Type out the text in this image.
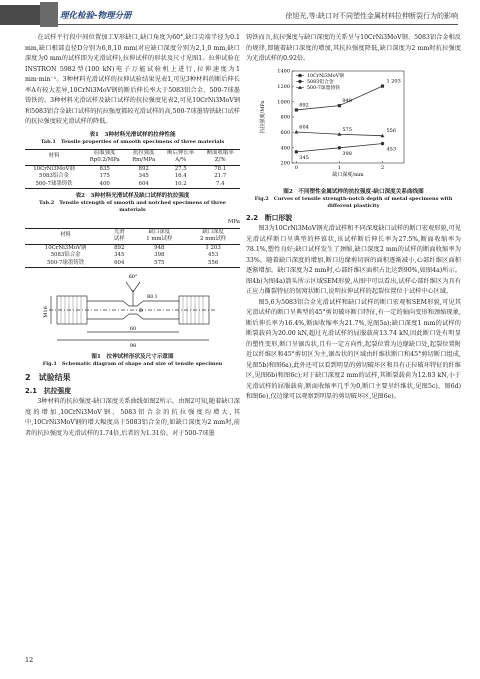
理化检验-物理分册	徐旭光,等:缺口对不同塑性金属材料拉伸断裂行为的影响

在试样平行段中间位置加工V形缺口,缺口角度为60°,缺口尖端半径为0.1 mm,缺口根部直径D分别为6,8,10 mm(对应缺口深度分别为2,1,0 mm,缺口深度为0 mm的试样即为光滑试样),拉伸试样的形状及尺寸见图1。拉伸试验在INSTRON 5982型(100 kN)电子万能试验机上进行,拉伸速度为1 mm·min⁻¹。3种材料光滑试样的拉伸试验结果见表1,可见3种材料的断后伸长率A有较大差异,10CrNi3MoV钢的断后伸长率大于5083铝合金、500-7球墨铸铁的。3种材料光滑试样及缺口试样的抗拉强度见表2,可见10CrNi3MoV钢和5083铝合金缺口试样的抗拉强度都较光滑试样的高,500-7球墨铸铁缺口试样的抗拉强度较光滑试样的降低。

表1　3种材料光滑试样的拉伸性能
Tab.1　Tensile properties of smooth specimens of three materials
材料	屈服强度	抗拉强度	断后伸长率	断面收缩率
	Rp0.2/MPa	Rm/MPa	A/%	Z/%
10CrNi3MoV钢	835	892	27.5	78.1
5083铝合金	175	345	16.4	21.7
500-7球墨铸铁	400	604	10.2	7.4
表2　3种材料光滑试样及缺口试样的抗拉强度
Tab.2　Tensile strength of smooth and notched specimens of three materials
MPa
材料	光滑	缺口深度	缺口深度
	试样	1 mm试样	2 mm试样
10CrNi3MoV钢	892	948	1 203
5083铝合金	345	398	453
500-7球墨铸铁	604	575	556
60°
M16	D
60
98
R0.1
图1　拉伸试样形状及尺寸示意图
Fig.1　Schematic diagram of shape and size of tensile specimen
2　试验结果
2.1　抗拉强度

3种材料的抗拉强度-缺口深度关系曲线如图2所示。由图2可知,随着缺口深度的增加,10CrNi3MoV钢、5083铝合金的抗拉强度均增大,其中,10CrNi3MoV钢的增大幅度高于5083铝合金的,如缺口深度为2 mm时,前者的抗拉强度为光滑试样的1.74倍,后者的为1.31倍。对于500-7球墨

铸铁而言,抗拉强度与缺口深度的关系呈与10CrNi3MoV钢、5083铝合金相反的规律,即随着缺口深度的增加,其抗拉强度降低,缺口深度为2 mm时抗拉强度为光滑试样的0.92倍。

200
400
600
800
1000
1200
1400
0	1	2
缺口深度/mm
抗拉强度/MPa	892
948
1 203
10CrNi3MoV钢
345
398
453
5083铝合金
604	575	556
500-7球墨铸铁
图2　不同塑性金属试样的抗拉强度-缺口深度关系曲线图
Fig.2　Curves of tensile strength-notch depth of metal specimens with different plasticity
2.2　断口形貌

图3为10CrNi3MoV钢光滑试样和不同深度缺口试样的断口宏观形貌,可见光滑试样断口呈典型的杯锥状,该试样断后伸长率为27.5%,断面收缩率为78.1%,塑性良好;缺口试样发生了颈缩,缺口深度2 mm的试样的断面收缩率为33%。随着缺口深度的增加,断口边缘剪切唇的面积逐渐减小,心部纤维区面积逐渐增加。缺口深度为2 mm时,心部纤维区面积占比达到90%,如图4a)所示。图4b)为图4a)箭头所示区域SEM形貌,从图中可以看出,试样心部纤维区为具有正应力撕裂特征的韧窝状断口,说明拉伸试样的起裂位置位于试样中心区域。

图5,6为5083铝合金光滑试样和缺口试样的断口宏观和SEM形貌,可见其光滑试样的断口呈典型的45°剪切破坏断口特征,有一定的轴向变形和颈缩现象,断后伸长率为16.4%,断面收缩率为21.7%,见图5a);缺口深度1 mm的试样的断裂载荷为20.00 kN,超过光滑试样的屈服载荷13.74 kN,因此断口处有明显的塑性变形,断口呈锯齿状,且有一定方向性,起裂位置为边缘缺口处,起裂位置附近以纤维区和45°剪切区为主,锯齿状的区域由纤维状断口和45°剪切断口组成,见图5b)和图6a),此外还可以看到明显的剪切破坏区和具有正拉破坏特征的纤维区,见图6b)和图6c);对于缺口深度2 mm的试样,其断裂载荷为12.83 kN,小于光滑试样的屈服载荷,断面收缩率几乎为0,断口主要呈纤维状,见图5c)、图6d)和图6e),仅边缘可以观察到明显的剪切破坏区,见图6e)。

12
